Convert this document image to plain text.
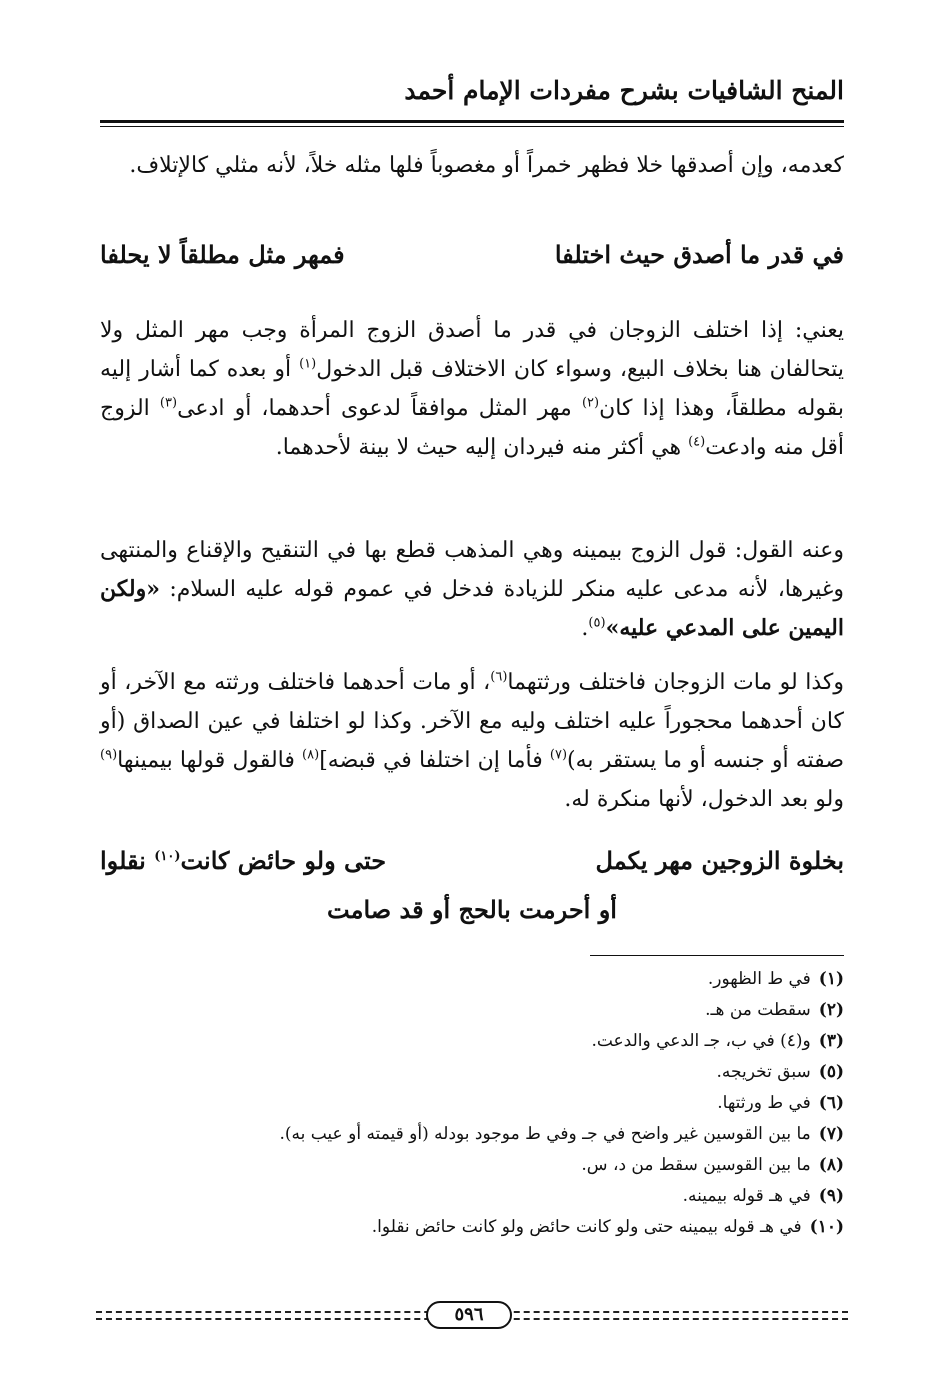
المنح الشافيات بشرح مفردات الإمام أحمد

كعدمه، وإن أصدقها خلا فظهر خمراً أو مغصوباً فلها مثله خلاً، لأنه مثلي كالإتلاف.

في قدر ما أصدق حيث اختلفا
فمهر مثل مطلقاً لا يحلفا

يعني: إذا اختلف الزوجان في قدر ما أصدق الزوج المرأة وجب مهر المثل ولا يتحالفان هنا بخلاف البيع، وسواء كان الاختلاف قبل الدخول$^{(١)}$ أو بعده كما أشار إليه بقوله مطلقاً، وهذا إذا كان$^{(٢)}$ مهر المثل موافقاً لدعوى أحدهما، أو ادعى$^{(٣)}$ الزوج أقل منه وادعت$^{(٤)}$ هي أكثر منه فيردان إليه حيث لا بينة لأحدهما.

وعنه القول: قول الزوج بيمينه وهي المذهب قطع بها في التنقيح والإقناع والمنتهى وغيرها، لأنه مدعى عليه منكر للزيادة فدخل في عموم قوله عليه السلام: «ولكن اليمين على المدعي عليه»$^{(٥)}$.

وكذا لو مات الزوجان فاختلف ورثتهما$^{(٦)}$، أو مات أحدهما فاختلف ورثته مع الآخر، أو كان أحدهما محجوراً عليه اختلف وليه مع الآخر. وكذا لو اختلفا في عين الصداق (أو صفته أو جنسه أو ما يستقر به)$^{(٧)}$ فأما إن اختلفا في قبضه]$^{(٨)}$ فالقول قولها بيمينها$^{(٩)}$ ولو بعد الدخول، لأنها منكرة له.

بخلوة الزوجين مهر يكمل
حتى ولو حائض كانت$^{(١٠)}$ نقلوا
أو أحرمت بالحج أو قد صامت
(١)في ط الظهور.
(٢)سقطت من هـ.
(٣)و(٤) في ب، جـ الدعي والدعت.
(٥)سبق تخريجه.
(٦)في ط ورثتها.
(٧)ما بين القوسين غير واضح في جـ وفي ط موجود بودله (أو قيمته أو عيب به).
(٨)ما بين القوسين سقط من د، س.
(٩)في هـ قوله بيمينه.
(١٠)في هـ قوله بيمينه حتى ولو كانت حائض ولو كانت حائض نقلوا.
٥٩٦
